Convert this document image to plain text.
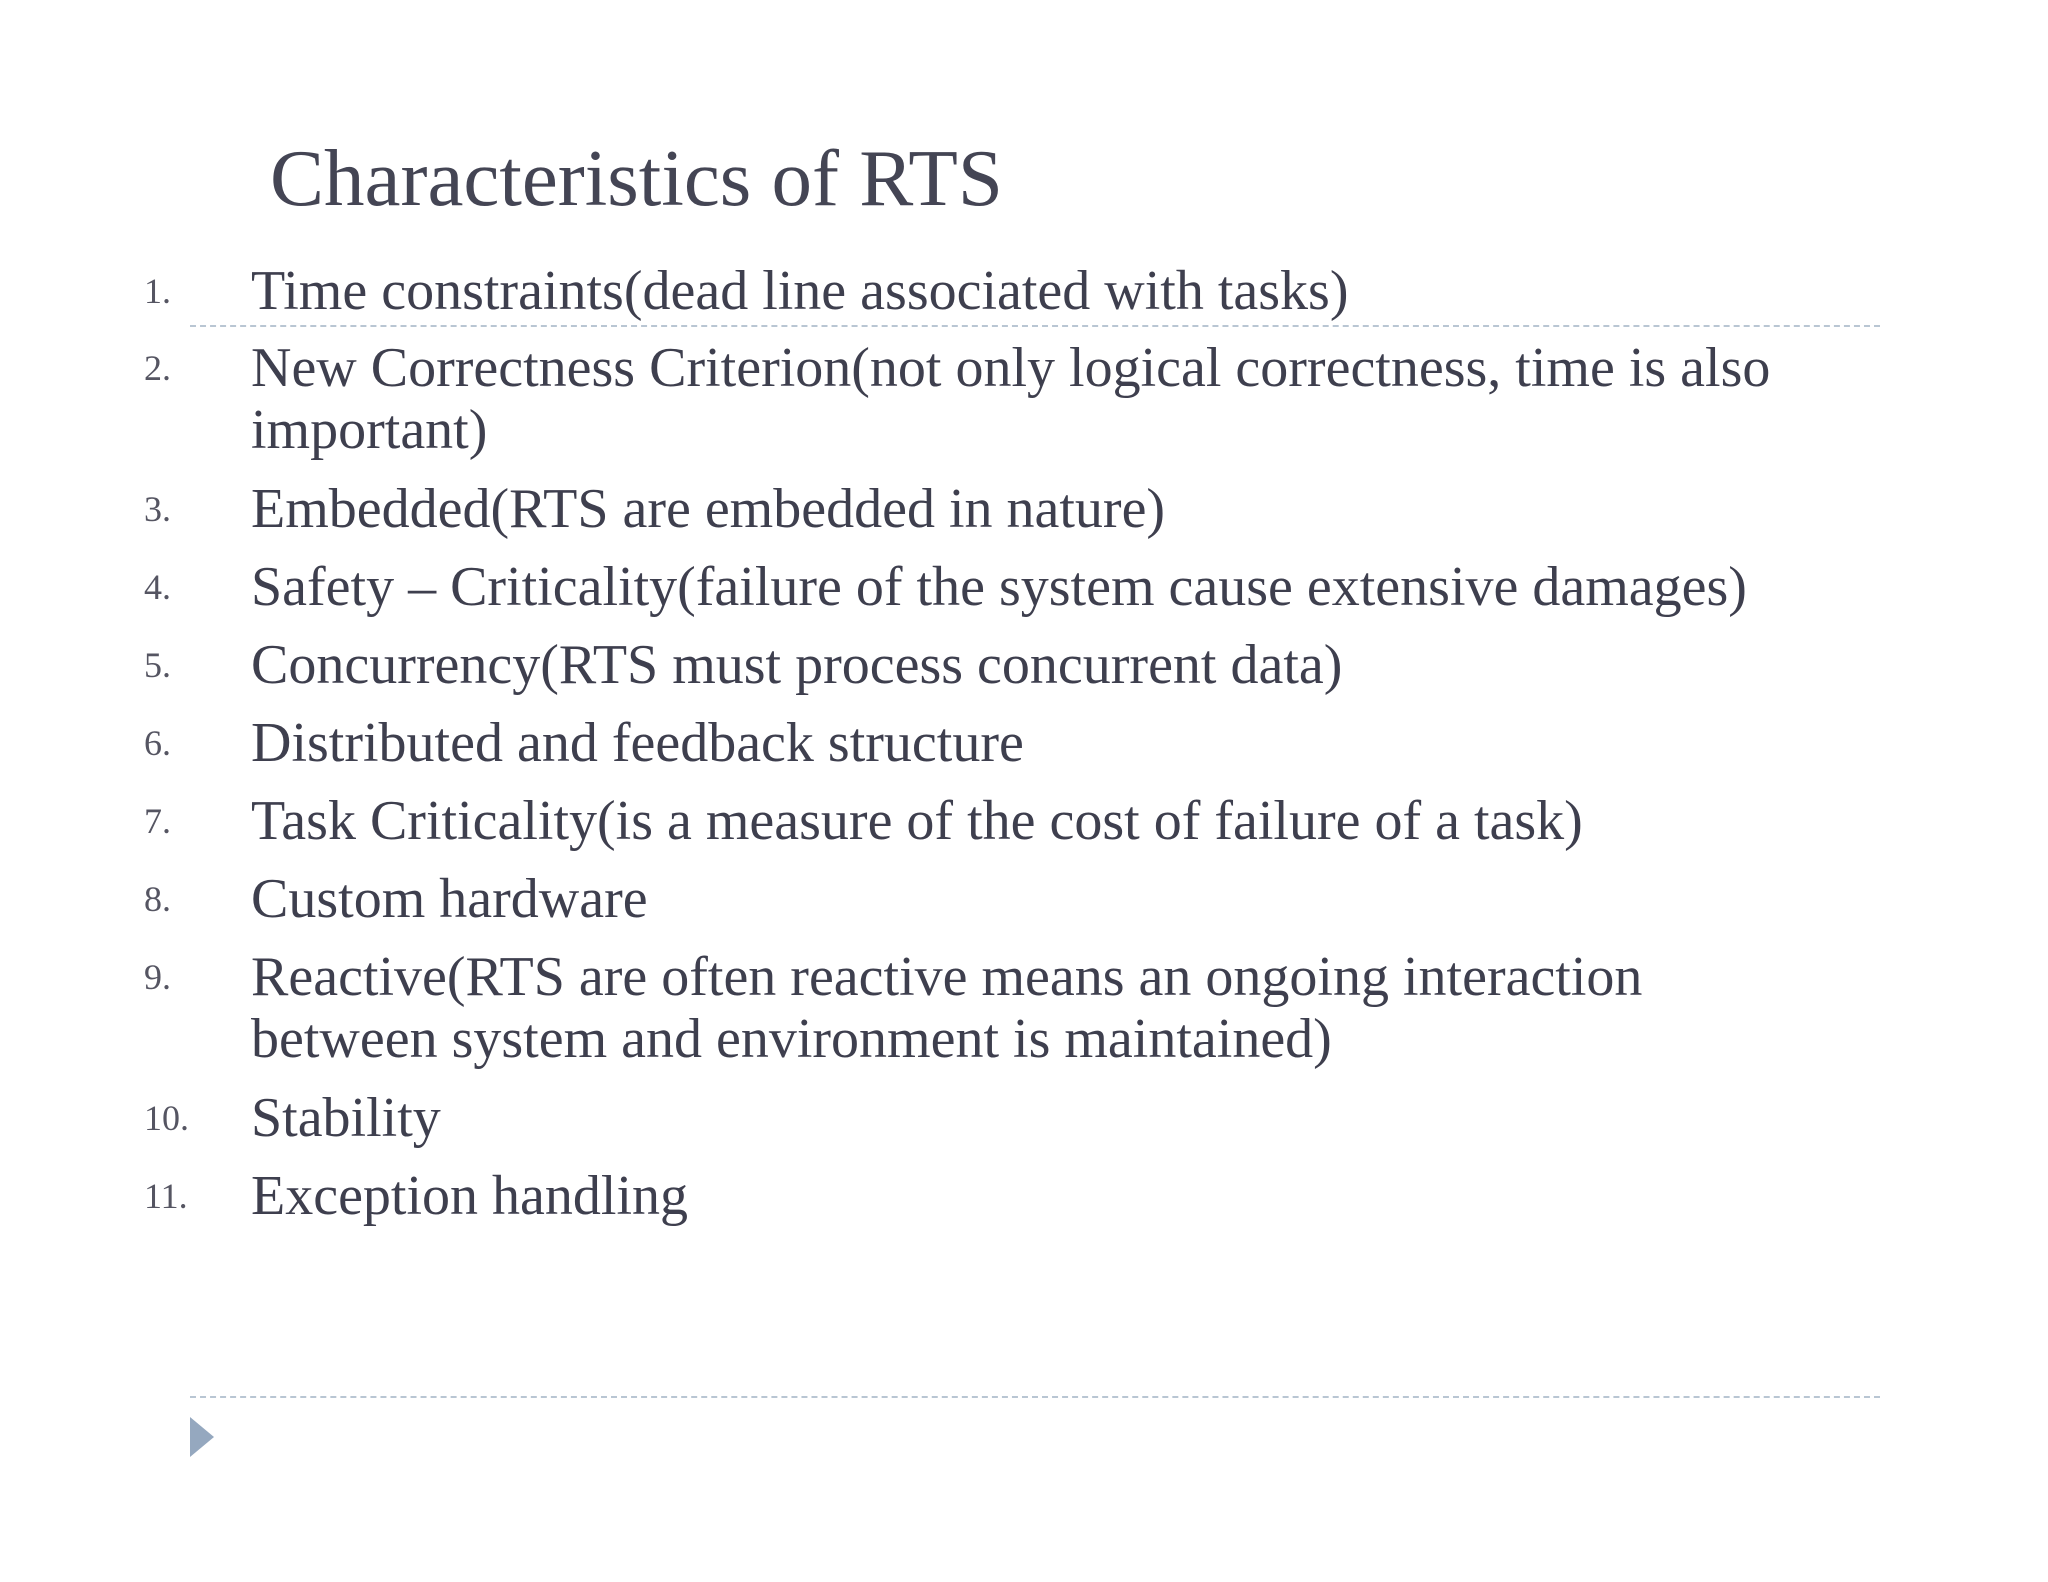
Characteristics of RTS
1. Time constraints(dead line associated with tasks)
2. New Correctness Criterion(not only logical correctness, time is also
important)
3. Embedded(RTS are embedded in nature)
4. Safety – Criticality(failure of the system cause extensive damages)
5. Concurrency(RTS must process concurrent data)
6. Distributed and feedback structure
7. Task Criticality(is a measure of the cost of failure of a task)
8. Custom hardware
9. Reactive(RTS are often reactive means an ongoing interaction
between system and environment is maintained)
10. Stability
11. Exception handling
